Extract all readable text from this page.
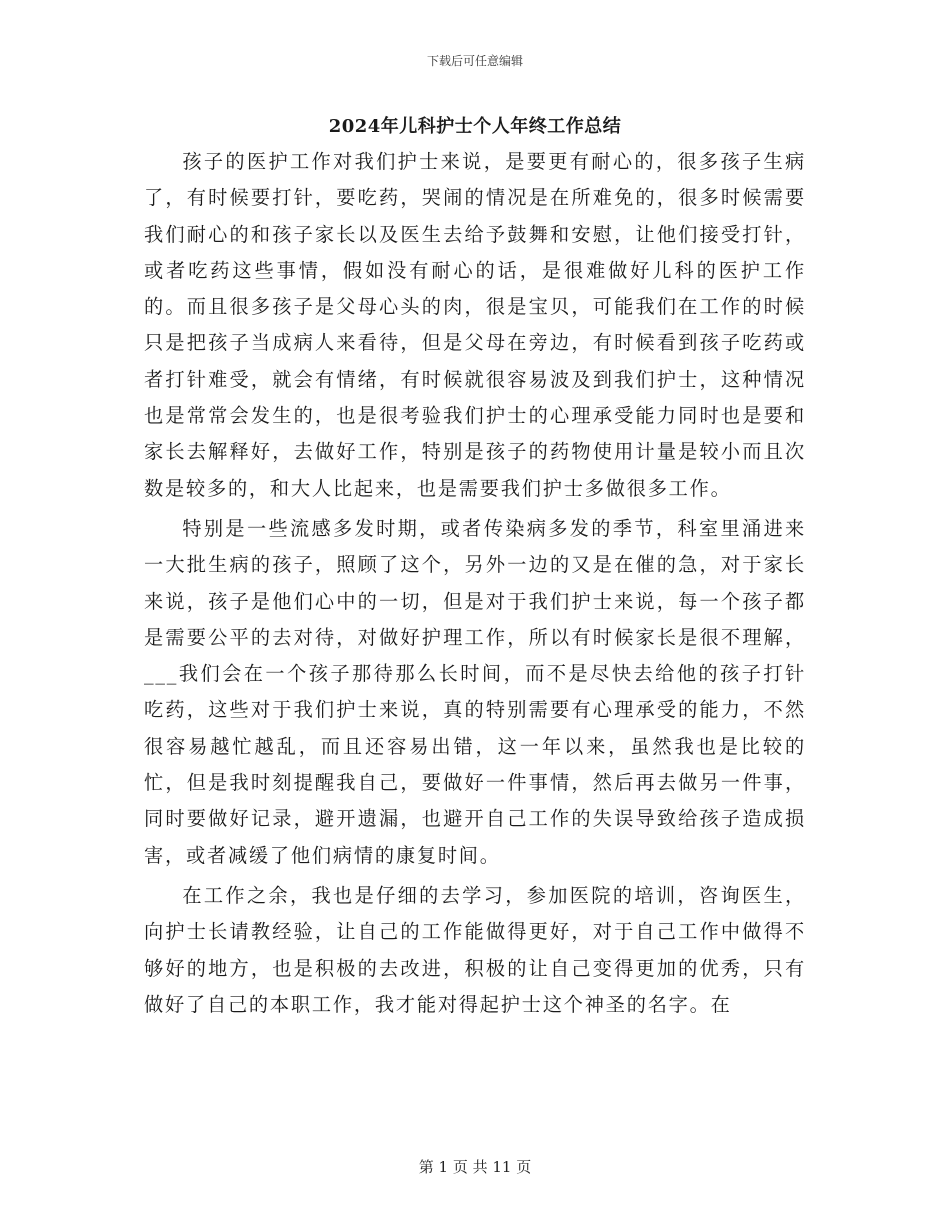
下载后可任意编辑
2024年儿科护士个人年终工作总结

孩子的医护工作对我们护士来说，是要更有耐心的，很多孩子生病了，有时候要打针，要吃药，哭闹的情况是在所难免的，很多时候需要我们耐心的和孩子家长以及医生去给予鼓舞和安慰，让他们接受打针，或者吃药这些事情，假如没有耐心的话，是很难做好儿科的医护工作的。而且很多孩子是父母心头的肉，很是宝贝，可能我们在工作的时候只是把孩子当成病人来看待，但是父母在旁边，有时候看到孩子吃药或者打针难受，就会有情绪，有时候就很容易波及到我们护士，这种情况也是常常会发生的，也是很考验我们护士的心理承受能力同时也是要和家长去解释好，去做好工作，特别是孩子的药物使用计量是较小而且次数是较多的，和大人比起来，也是需要我们护士多做很多工作。

特别是一些流感多发时期，或者传染病多发的季节，科室里涌进来一大批生病的孩子，照顾了这个，另外一边的又是在催的急，对于家长来说，孩子是他们心中的一切，但是对于我们护士来说，每一个孩子都是需要公平的去对待，对做好护理工作，所以有时候家长是很不理解，___我们会在一个孩子那待那么长时间，而不是尽快去给他的孩子打针吃药，这些对于我们护士来说，真的特别需要有心理承受的能力，不然很容易越忙越乱，而且还容易出错，这一年以来，虽然我也是比较的忙，但是我时刻提醒我自己，要做好一件事情，然后再去做另一件事，同时要做好记录，避开遗漏，也避开自己工作的失误导致给孩子造成损害，或者减缓了他们病情的康复时间。

在工作之余，我也是仔细的去学习，参加医院的培训，咨询医生，向护士长请教经验，让自己的工作能做得更好，对于自己工作中做得不够好的地方，也是积极的去改进，积极的让自己变得更加的优秀，只有做好了自己的本职工作，我才能对得起护士这个神圣的名字。在

第 1 页 共 11 页
